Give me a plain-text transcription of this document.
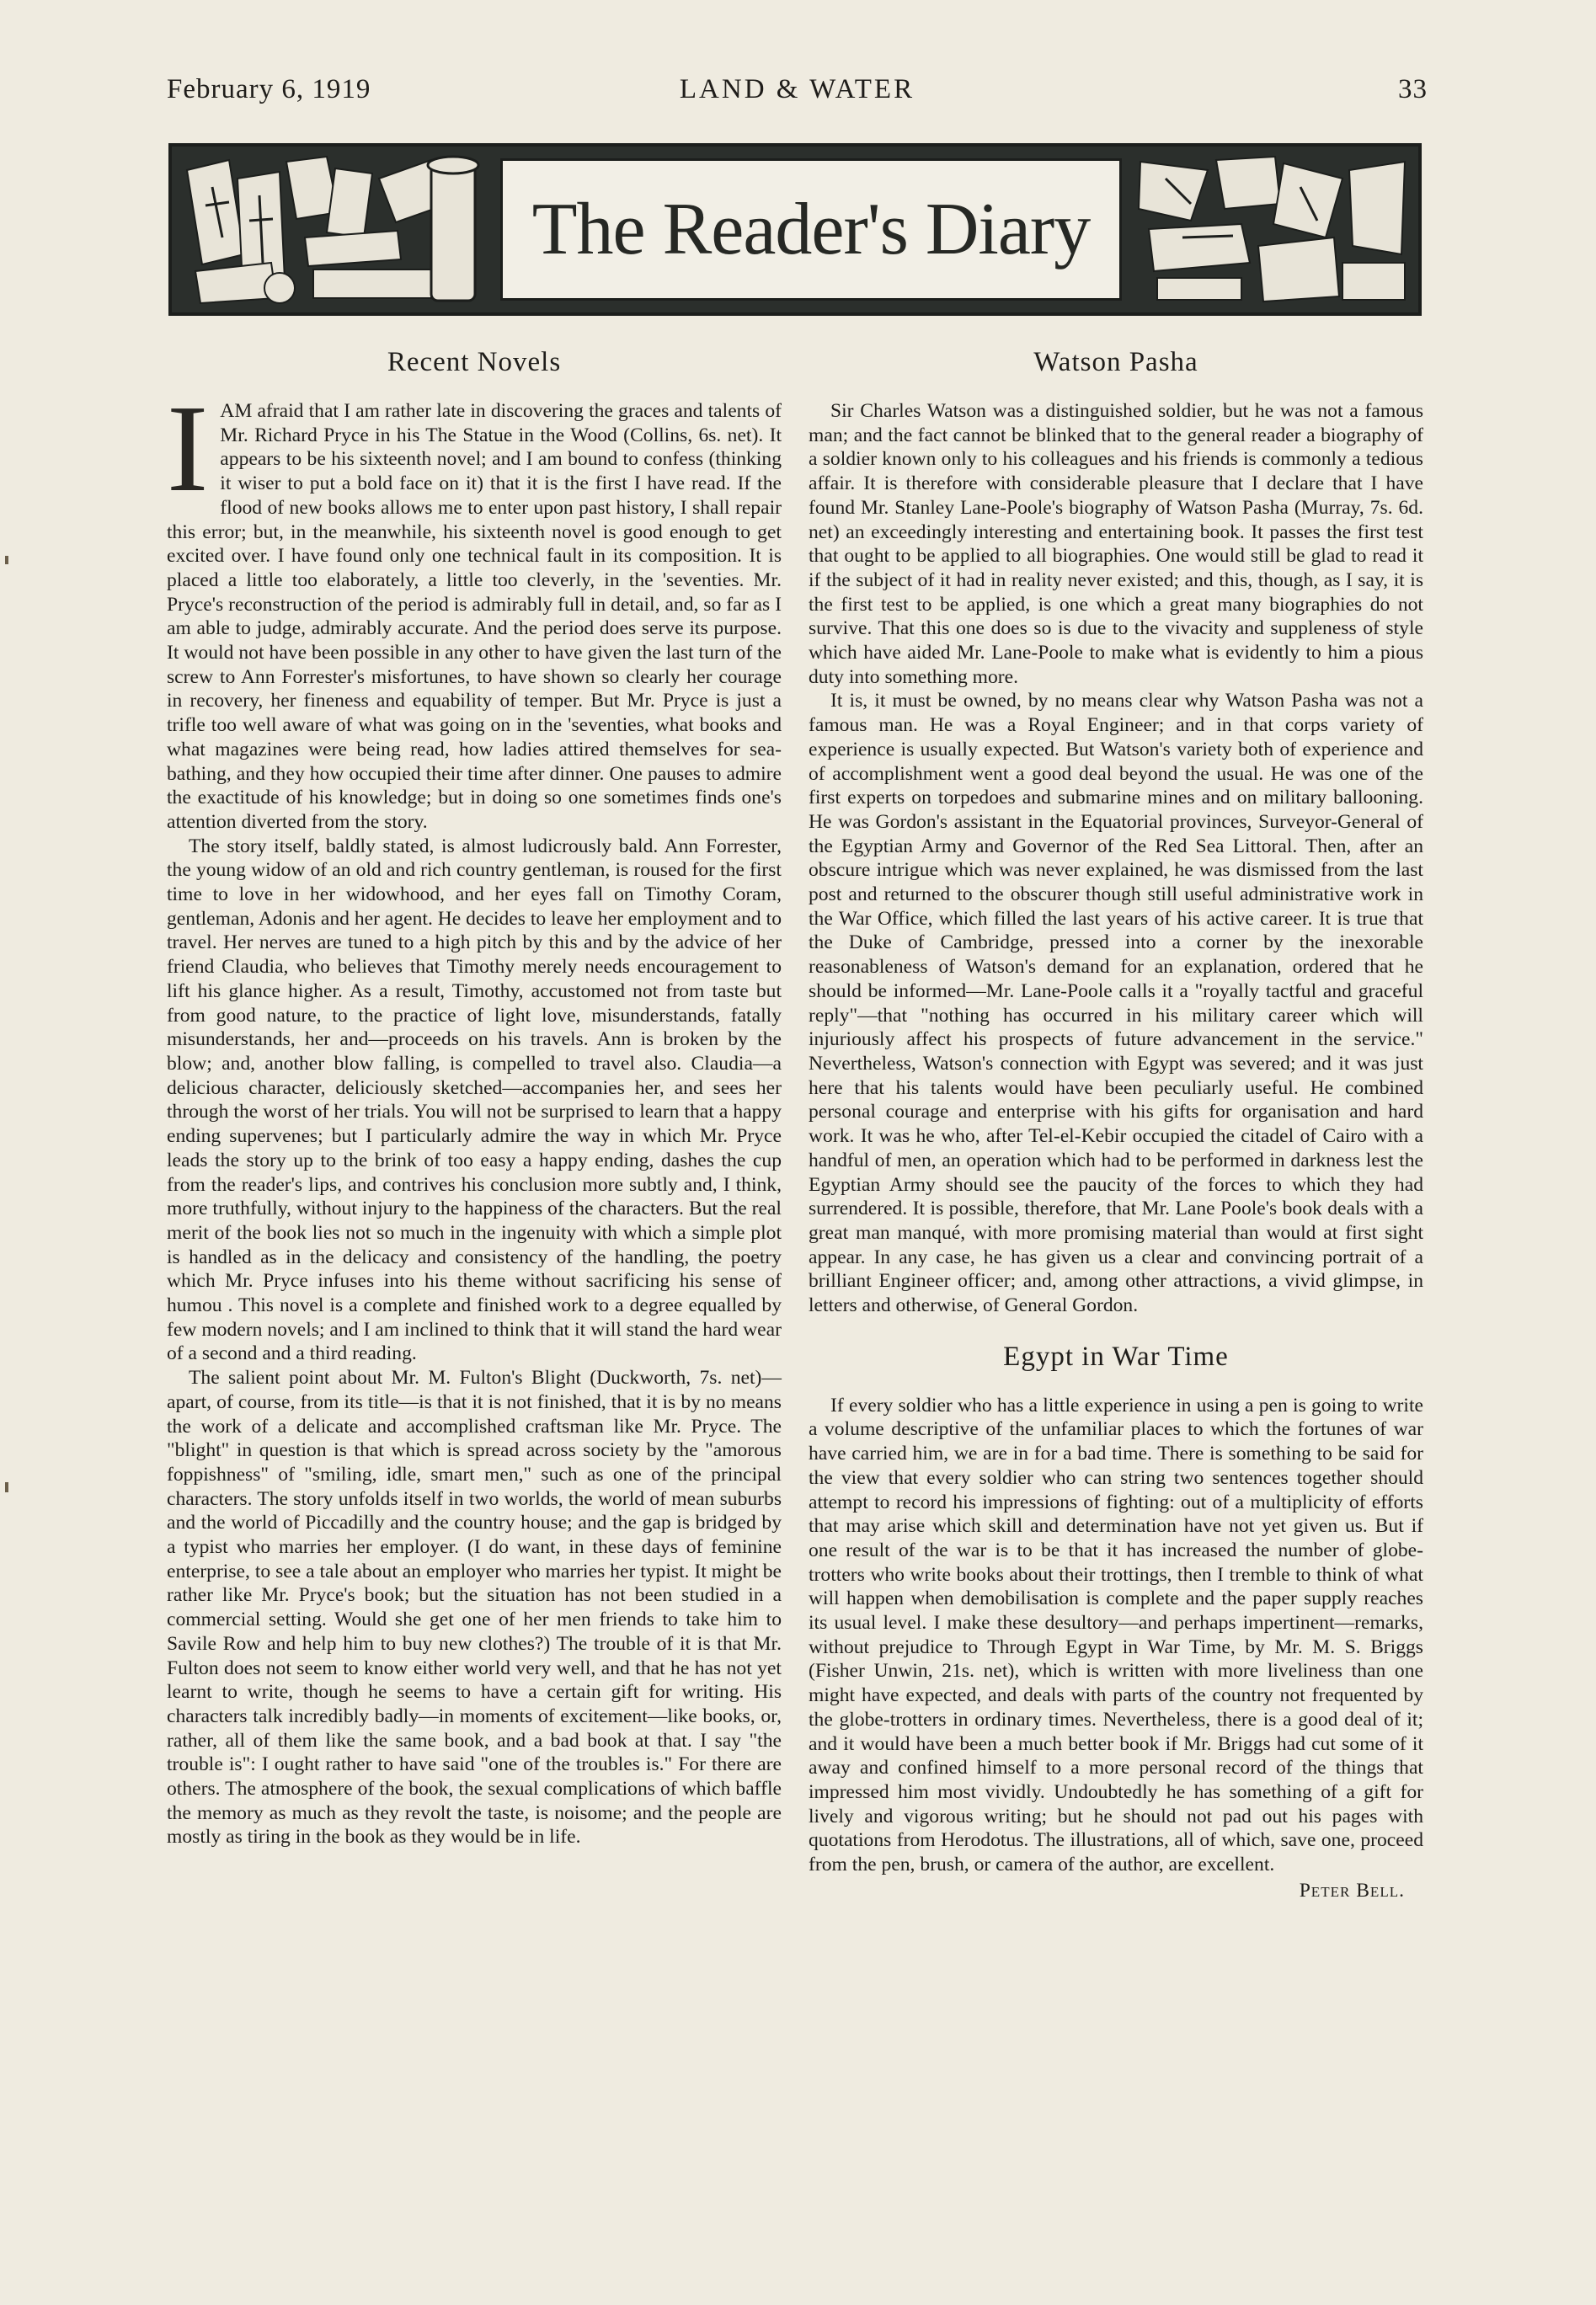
February 6, 1919	LAND & WATER	33
The Reader's Diary
Recent Novels

I AM afraid that I am rather late in discovering the graces and talents of Mr. Richard Pryce in his The Statue in the Wood (Collins, 6s. net). It appears to be his sixteenth novel; and I am bound to confess (thinking it wiser to put a bold face on it) that it is the first I have read. If the flood of new books allows me to enter upon past history, I shall repair this error; but, in the meanwhile, his sixteenth novel is good enough to get excited over. I have found only one technical fault in its composition. It is placed a little too elaborately, a little too cleverly, in the 'seventies. Mr. Pryce's reconstruction of the period is admirably full in detail, and, so far as I am able to judge, admirably accurate. And the period does serve its purpose. It would not have been possible in any other to have given the last turn of the screw to Ann Forrester's misfortunes, to have shown so clearly her courage in recovery, her fineness and equability of temper. But Mr. Pryce is just a trifle too well aware of what was going on in the 'seventies, what books and what magazines were being read, how ladies attired themselves for sea-bathing, and they how occupied their time after dinner. One pauses to admire the exactitude of his knowledge; but in doing so one sometimes finds one's attention diverted from the story.

The story itself, baldly stated, is almost ludicrously bald. Ann Forrester, the young widow of an old and rich country gentleman, is roused for the first time to love in her widowhood, and her eyes fall on Timothy Coram, gentleman, Adonis and her agent. He decides to leave her employment and to travel. Her nerves are tuned to a high pitch by this and by the advice of her friend Claudia, who believes that Timothy merely needs encouragement to lift his glance higher. As a result, Timothy, accustomed not from taste but from good nature, to the practice of light love, misunderstands, fatally misunderstands, her and—proceeds on his travels. Ann is broken by the blow; and, another blow falling, is compelled to travel also. Claudia—a delicious character, deliciously sketched—accompanies her, and sees her through the worst of her trials. You will not be surprised to learn that a happy ending supervenes; but I particularly admire the way in which Mr. Pryce leads the story up to the brink of too easy a happy ending, dashes the cup from the reader's lips, and contrives his conclusion more subtly and, I think, more truthfully, without injury to the happiness of the characters. But the real merit of the book lies not so much in the ingenuity with which a simple plot is handled as in the delicacy and consistency of the handling, the poetry which Mr. Pryce infuses into his theme without sacrificing his sense of humou . This novel is a complete and finished work to a degree equalled by few modern novels; and I am inclined to think that it will stand the hard wear of a second and a third reading.

The salient point about Mr. M. Fulton's Blight (Duckworth, 7s. net)—apart, of course, from its title—is that it is not finished, that it is by no means the work of a delicate and accomplished craftsman like Mr. Pryce. The "blight" in question is that which is spread across society by the "amorous foppishness" of "smiling, idle, smart men," such as one of the principal characters. The story unfolds itself in two worlds, the world of mean suburbs and the world of Piccadilly and the country house; and the gap is bridged by a typist who marries her employer. (I do want, in these days of feminine enterprise, to see a tale about an employer who marries her typist. It might be rather like Mr. Pryce's book; but the situation has not been studied in a commercial setting. Would she get one of her men friends to take him to Savile Row and help him to buy new clothes?) The trouble of it is that Mr. Fulton does not seem to know either world very well, and that he has not yet learnt to write, though he seems to have a certain gift for writing. His characters talk incredibly badly—in moments of excitement—like books, or, rather, all of them like the same book, and a bad book at that. I say "the trouble is": I ought rather to have said "one of the troubles is." For there are others. The atmosphere of the book, the sexual complications of which baffle the memory as much as they revolt the taste, is noisome; and the people are mostly as tiring in the book as they would be in life.

Watson Pasha

Sir Charles Watson was a distinguished soldier, but he was not a famous man; and the fact cannot be blinked that to the general reader a biography of a soldier known only to his colleagues and his friends is commonly a tedious affair. It is therefore with considerable pleasure that I declare that I have found Mr. Stanley Lane-Poole's biography of Watson Pasha (Murray, 7s. 6d. net) an exceedingly interesting and entertaining book. It passes the first test that ought to be applied to all biographies. One would still be glad to read it if the subject of it had in reality never existed; and this, though, as I say, it is the first test to be applied, is one which a great many biographies do not survive. That this one does so is due to the vivacity and suppleness of style which have aided Mr. Lane-Poole to make what is evidently to him a pious duty into something more.

It is, it must be owned, by no means clear why Watson Pasha was not a famous man. He was a Royal Engineer; and in that corps variety of experience is usually expected. But Watson's variety both of experience and of accomplishment went a good deal beyond the usual. He was one of the first experts on torpedoes and submarine mines and on military ballooning. He was Gordon's assistant in the Equatorial provinces, Surveyor-General of the Egyptian Army and Governor of the Red Sea Littoral. Then, after an obscure intrigue which was never explained, he was dismissed from the last post and returned to the obscurer though still useful administrative work in the War Office, which filled the last years of his active career. It is true that the Duke of Cambridge, pressed into a corner by the inexorable reasonableness of Watson's demand for an explanation, ordered that he should be informed—Mr. Lane-Poole calls it a "royally tactful and graceful reply"—that "nothing has occurred in his military career which will injuriously affect his prospects of future advancement in the service." Nevertheless, Watson's connection with Egypt was severed; and it was just here that his talents would have been peculiarly useful. He combined personal courage and enterprise with his gifts for organisation and hard work. It was he who, after Tel-el-Kebir occupied the citadel of Cairo with a handful of men, an operation which had to be performed in darkness lest the Egyptian Army should see the paucity of the forces to which they had surrendered. It is possible, therefore, that Mr. Lane Poole's book deals with a great man manqué, with more promising material than would at first sight appear. In any case, he has given us a clear and convincing portrait of a brilliant Engineer officer; and, among other attractions, a vivid glimpse, in letters and otherwise, of General Gordon.

Egypt in War Time

If every soldier who has a little experience in using a pen is going to write a volume descriptive of the unfamiliar places to which the fortunes of war have carried him, we are in for a bad time. There is something to be said for the view that every soldier who can string two sentences together should attempt to record his impressions of fighting: out of a multiplicity of efforts that may arise which skill and determination have not yet given us. But if one result of the war is to be that it has increased the number of globe-trotters who write books about their trottings, then I tremble to think of what will happen when demobilisation is complete and the paper supply reaches its usual level. I make these desultory—and perhaps impertinent—remarks, without prejudice to Through Egypt in War Time, by Mr. M. S. Briggs (Fisher Unwin, 21s. net), which is written with more liveliness than one might have expected, and deals with parts of the country not frequented by the globe-trotters in ordinary times. Nevertheless, there is a good deal of it; and it would have been a much better book if Mr. Briggs had cut some of it away and confined himself to a more personal record of the things that impressed him most vividly. Undoubtedly he has something of a gift for lively and vigorous writing; but he should not pad out his pages with quotations from Herodotus. The illustrations, all of which, save one, proceed from the pen, brush, or camera of the author, are excellent.

Peter Bell.
